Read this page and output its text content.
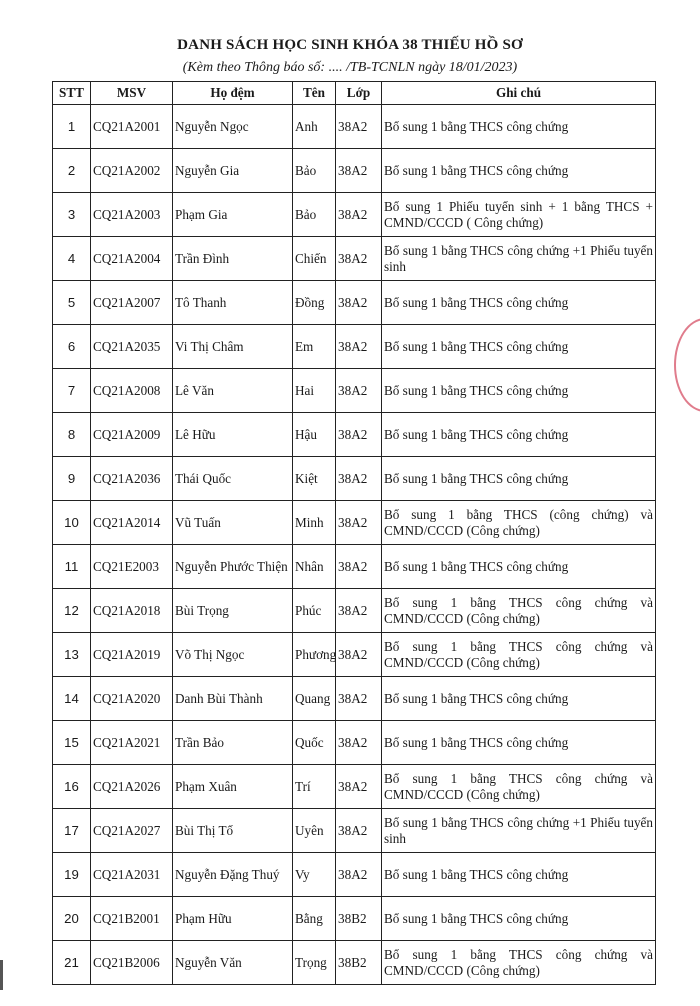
DANH SÁCH HỌC SINH KHÓA 38 THIẾU HỒ SƠ
(Kèm theo Thông báo số: .... /TB-TCNLN ngày 18/01/2023)
STT	MSV	Họ đệm	Tên	Lớp	Ghi chú
1	CQ21A2001	Nguyễn Ngọc	Anh	38A2	Bổ sung 1 bằng THCS công chứng
2	CQ21A2002	Nguyễn Gia	Bảo	38A2	Bổ sung 1 bằng THCS công chứng
3	CQ21A2003	Phạm Gia	Bảo	38A2	Bổ sung 1 Phiếu tuyển sinh + 1 bằng THCS + CMND/CCCD ( Công chứng)
4	CQ21A2004	Trần Đình	Chiến	38A2	Bổ sung 1 bằng THCS công chứng +1 Phiếu tuyển sinh
5	CQ21A2007	Tô Thanh	Đồng	38A2	Bổ sung 1 bằng THCS công chứng
6	CQ21A2035	Vi Thị Châm	Em	38A2	Bổ sung 1 bằng THCS công chứng
7	CQ21A2008	Lê Văn	Hai	38A2	Bổ sung 1 bằng THCS công chứng
8	CQ21A2009	Lê Hữu	Hậu	38A2	Bổ sung 1 bằng THCS công chứng
9	CQ21A2036	Thái Quốc	Kiệt	38A2	Bổ sung 1 bằng THCS công chứng
10	CQ21A2014	Vũ Tuấn	Minh	38A2	Bổ sung 1 bằng THCS (công chứng) và CMND/CCCD (Công chứng)
11	CQ21E2003	Nguyễn Phước Thiện	Nhân	38A2	Bổ sung 1 bằng THCS công chứng
12	CQ21A2018	Bùi Trọng	Phúc	38A2	Bổ sung 1 bằng THCS công chứng và CMND/CCCD (Công chứng)
13	CQ21A2019	Võ Thị Ngọc	Phương	38A2	Bổ sung 1 bằng THCS công chứng và CMND/CCCD (Công chứng)
14	CQ21A2020	Danh Bùi Thành	Quang	38A2	Bổ sung 1 bằng THCS công chứng
15	CQ21A2021	Trần Bảo	Quốc	38A2	Bổ sung 1 bằng THCS công chứng
16	CQ21A2026	Phạm Xuân	Trí	38A2	Bổ sung 1 bằng THCS công chứng và CMND/CCCD (Công chứng)
17	CQ21A2027	Bùi Thị Tố	Uyên	38A2	Bổ sung 1 bằng THCS công chứng +1 Phiếu tuyển sinh
19	CQ21A2031	Nguyễn Đặng Thuý	Vy	38A2	Bổ sung 1 bằng THCS công chứng
20	CQ21B2001	Phạm Hữu	Bằng	38B2	Bổ sung 1 bằng THCS công chứng
21	CQ21B2006	Nguyễn Văn	Trọng	38B2	Bổ sung 1 bằng THCS công chứng và CMND/CCCD (Công chứng)
